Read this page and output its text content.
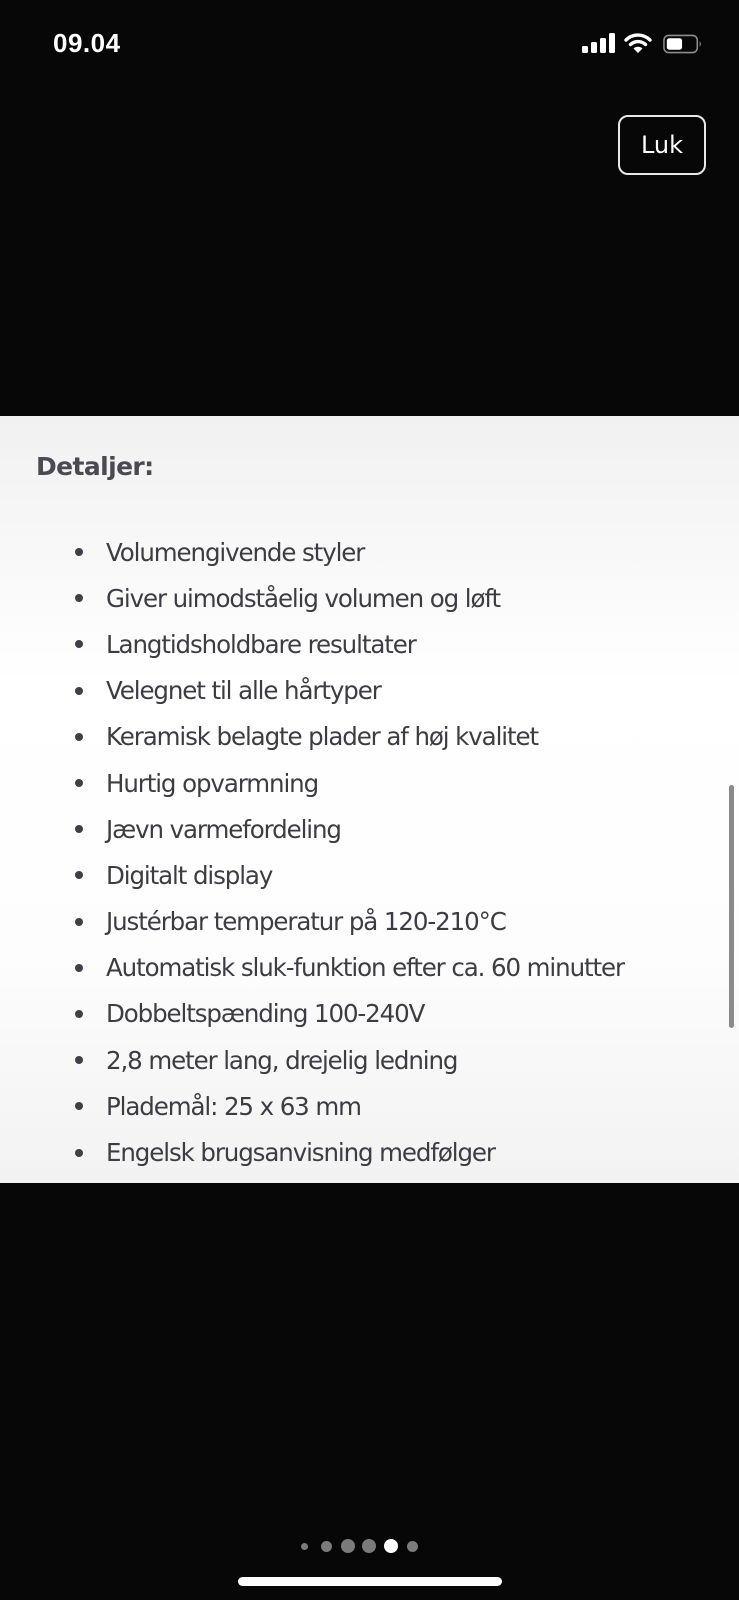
09.04
Luk
Detaljer:
Volumengivende styler
Giver uimodståelig volumen og løft
Langtidsholdbare resultater
Velegnet til alle hårtyper
Keramisk belagte plader af høj kvalitet
Hurtig opvarmning
Jævn varmefordeling
Digitalt display
Justérbar temperatur på 120-210°C
Automatisk sluk-funktion efter ca. 60 minutter
Dobbeltspænding 100-240V
2,8 meter lang, drejelig ledning
Pladеmål: 25 x 63 mm
Engelsk brugsanvisning medfølger
